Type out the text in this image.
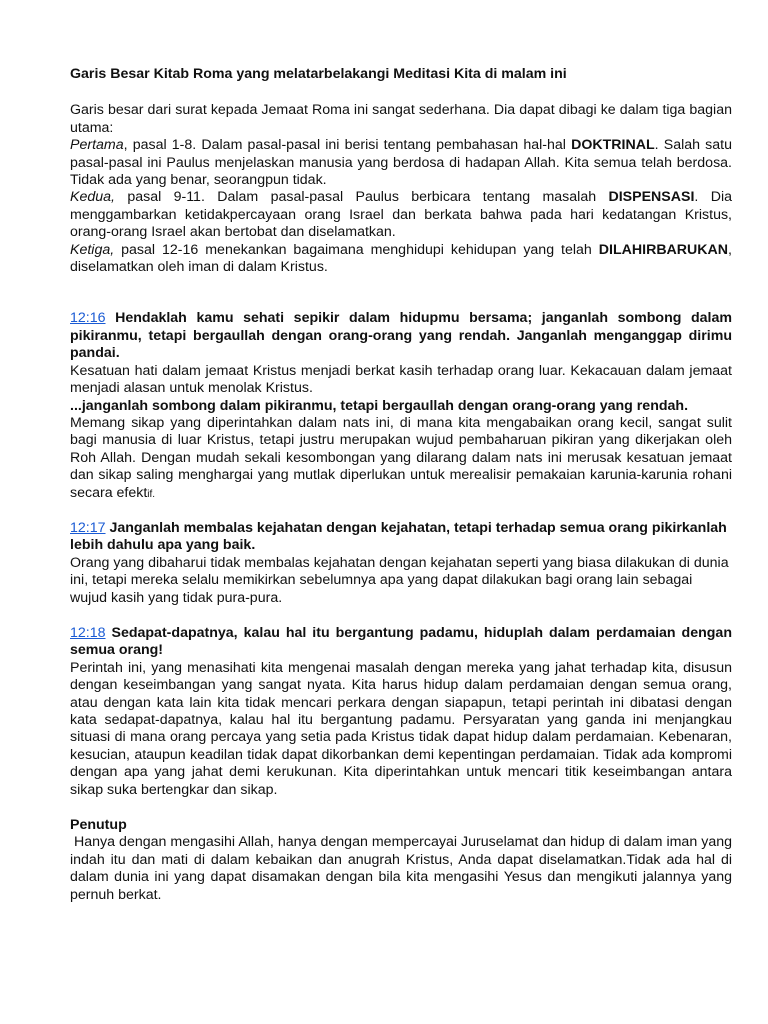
Garis Besar Kitab Roma yang melatarbelakangi Meditasi Kita di malam ini

Garis besar dari surat kepada Jemaat Roma ini sangat sederhana. Dia dapat dibagi ke dalam tiga bagian utama:
Pertama, pasal 1-8. Dalam pasal-pasal ini berisi tentang pembahasan hal-hal DOKTRINAL. Salah satu pasal-pasal ini Paulus menjelaskan manusia yang berdosa di hadapan Allah. Kita semua telah berdosa. Tidak ada yang benar, seorangpun tidak.
Kedua, pasal 9-11. Dalam pasal-pasal Paulus berbicara tentang masalah DISPENSASI. Dia menggambarkan ketidakpercayaan orang Israel dan berkata bahwa pada hari kedatangan Kristus, orang-orang Israel akan bertobat dan diselamatkan.
Ketiga, pasal 12-16 menekankan bagaimana menghidupi kehidupan yang telah DILAHIRBARUKAN, diselamatkan oleh iman di dalam Kristus.

12:16 Hendaklah kamu sehati sepikir dalam hidupmu bersama; janganlah sombong dalam pikiranmu, tetapi bergaullah dengan orang-orang yang rendah. Janganlah menganggap dirimu pandai.

Kesatuan hati dalam jemaat Kristus menjadi berkat kasih terhadap orang luar. Kekacauan dalam jemaat menjadi alasan untuk menolak Kristus.

...janganlah sombong dalam pikiranmu, tetapi bergaullah dengan orang-orang yang rendah.

Memang sikap yang diperintahkan dalam nats ini, di mana kita mengabaikan orang kecil, sangat sulit bagi manusia di luar Kristus, tetapi justru merupakan wujud pembaharuan pikiran yang dikerjakan oleh Roh Allah. Dengan mudah sekali kesombongan yang dilarang dalam nats ini merusak kesatuan jemaat dan sikap saling menghargai yang mutlak diperlukan untuk merealisir pemakaian karunia-karunia rohani secara efektif.

12:17 Janganlah membalas kejahatan dengan kejahatan, tetapi terhadap semua orang pikirkanlah lebih dahulu apa yang baik.

Orang yang dibaharui tidak membalas kejahatan dengan kejahatan seperti yang biasa dilakukan di dunia ini, tetapi mereka selalu memikirkan sebelumnya apa yang dapat dilakukan bagi orang lain sebagai wujud kasih yang tidak pura-pura.

12:18 Sedapat-dapatnya, kalau hal itu bergantung padamu, hiduplah dalam perdamaian dengan semua orang!

Perintah ini, yang menasihati kita mengenai masalah dengan mereka yang jahat terhadap kita, disusun dengan keseimbangan yang sangat nyata. Kita harus hidup dalam perdamaian dengan semua orang, atau dengan kata lain kita tidak mencari perkara dengan siapapun, tetapi perintah ini dibatasi dengan kata sedapat-dapatnya, kalau hal itu bergantung padamu. Persyaratan yang ganda ini menjangkau situasi di mana orang percaya yang setia pada Kristus tidak dapat hidup dalam perdamaian. Kebenaran, kesucian, ataupun keadilan tidak dapat dikorbankan demi kepentingan perdamaian. Tidak ada kompromi dengan apa yang jahat demi kerukunan. Kita diperintahkan untuk mencari titik keseimbangan antara sikap suka bertengkar dan sikap.

Penutup

Hanya dengan mengasihi Allah, hanya dengan mempercayai Juruselamat dan hidup di dalam iman yang indah itu dan mati di dalam kebaikan dan anugrah Kristus, Anda dapat diselamatkan.Tidak ada hal di dalam dunia ini yang dapat disamakan dengan bila kita mengasihi Yesus dan mengikuti jalannya yang pernuh berkat.
